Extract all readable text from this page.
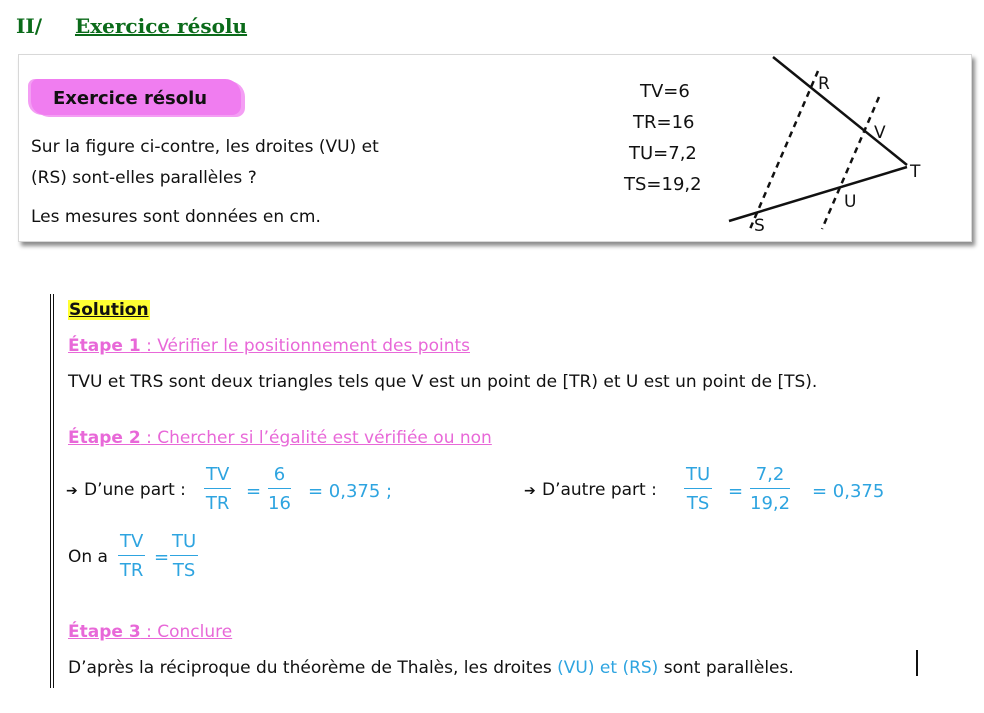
II/ Exercice résolu
Exercice résolu
Sur la figure ci-contre, les droites (VU) et
(RS) sont-elles parallèles ?
Les mesures sont données en cm.
TV=6
TR=16
TU=7,2
TS=19,2
R
V
T
U
S
Solution
Étape 1 : Vérifier le positionnement des points
TVU et TRS sont deux triangles tels que V est un point de [TR) et U est un point de [TS).
Étape 2 : Chercher si l’égalité est vérifiée ou non
➔ D’une part : $\frac{TV}{TR} = \frac{6}{16} = 0,375$ ;	➔ D’autre part : $\frac{TU}{TS} = \frac{7,2}{19,2} = 0,375$
On a $\frac{TV}{TR} = \frac{TU}{TS}$
Étape 3 : Conclure
D’après la réciproque du théorème de Thalès, les droites (VU) et (RS) sont parallèles.
